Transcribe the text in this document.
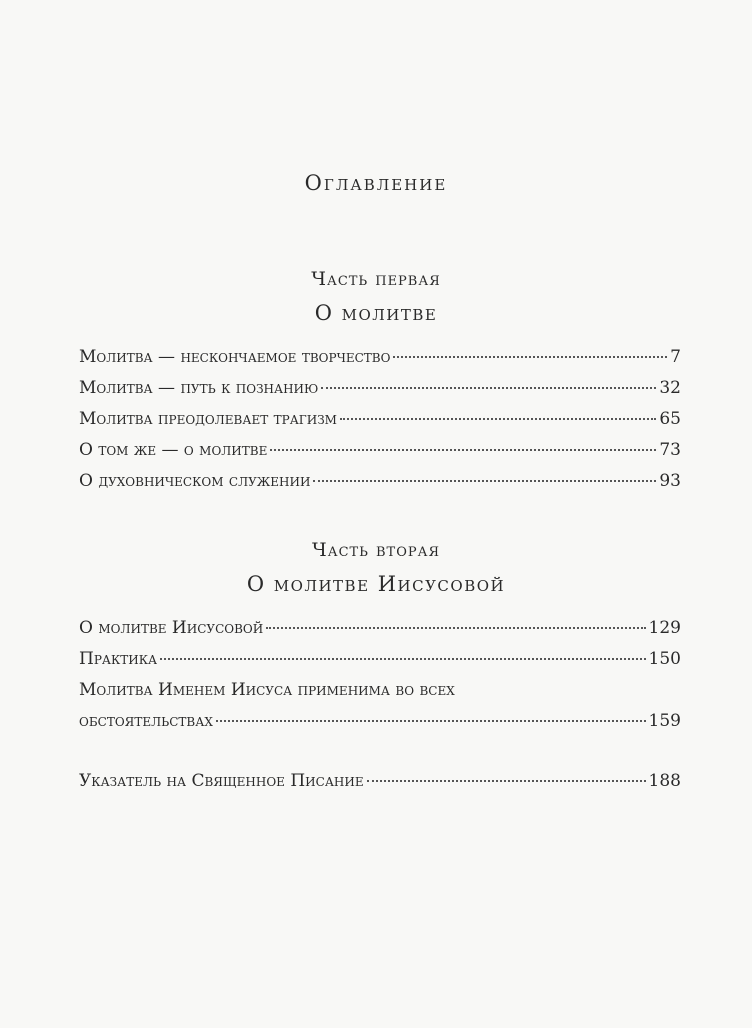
Оглавление
Часть первая
О молитве
Молитва — нескончаемое творчество	7
Молитва — путь к познанию	32
Молитва преодолевает трагизм	65
О том же — о молитве	73
О духовническом служении	93
Часть вторая
О молитве Иисусовой
О молитве Иисусовой	129
Практика	150
Молитва Именем Иисуса применима во всех
обстоятельствах	159
Указатель на Священное Писание	188
